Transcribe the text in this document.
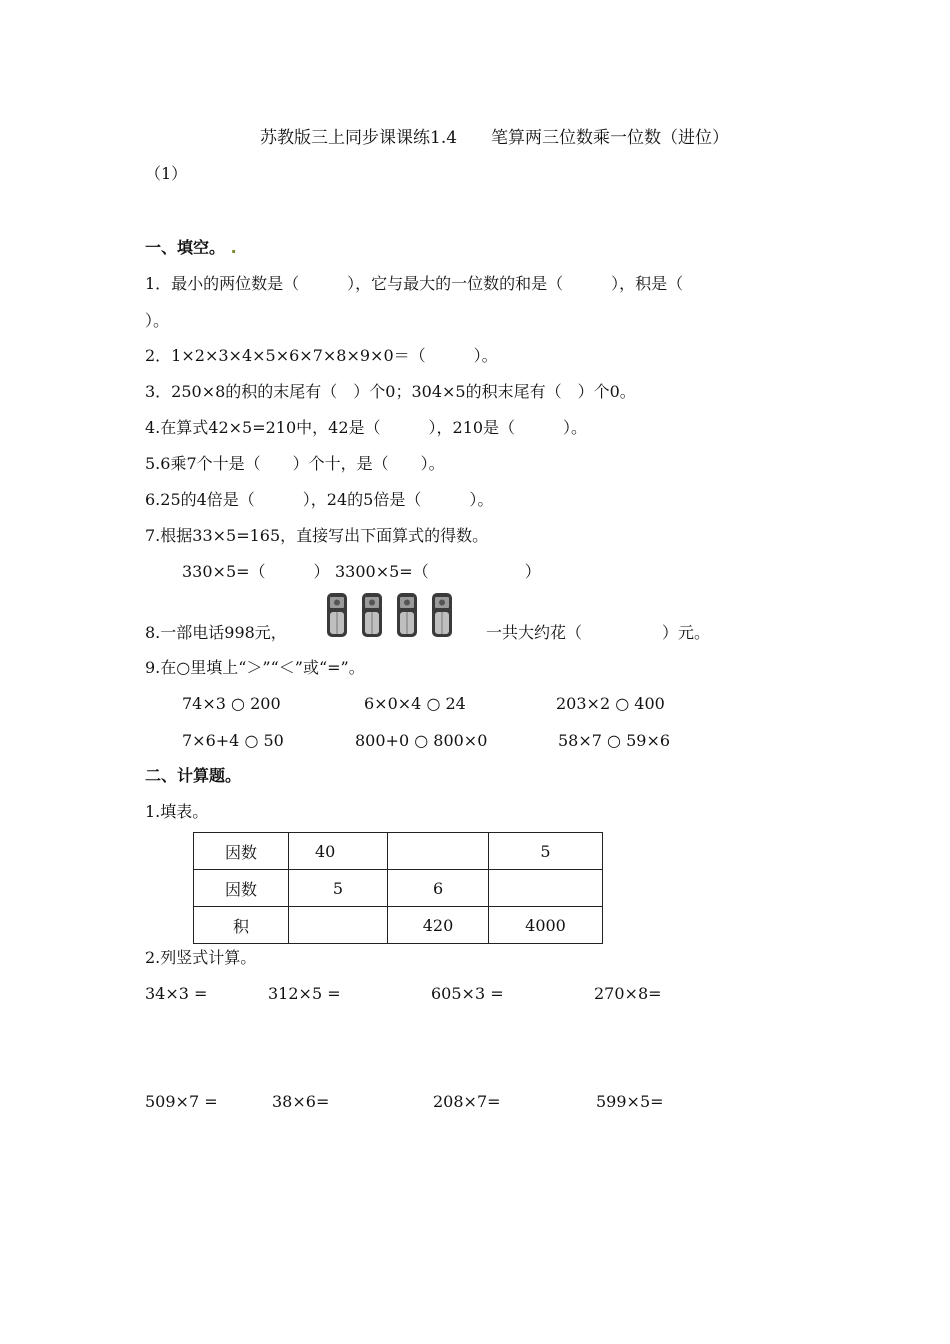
苏教版三上同步课课练1.4　　笔算两三位数乘一位数（进位）
（1）
一、填空。 .
1．最小的两位数是（　　　），它与最大的一位数的和是（　　　），积是（
）。
2．1×2×3×4×5×6×7×8×9×0＝（　　　）。
3．250×8的积的末尾有（　）个0；304×5的积末尾有（　）个0。
4.在算式42×5=210中，42是（　　　），210是（　　　）。
5.6乘7个十是（　　）个十，是（　　）。
6.25的4倍是（　　　），24的5倍是（　　　）。
7.根据33×5=165，直接写出下面算式的得数。
330×5=（　　　） 3300×5=（　　　　　　）
8.一部电话998元，	一共大约花（　　　　　）元。
9.在○里填上“＞”“＜”或“=”。
74×3 ○ 200	6×0×4 ○ 24	203×2 ○ 400
7×6+4 ○ 50	800+0 ○ 800×0	58×7 ○ 59×6
二、计算题。
1.填表。
因数	40		5
因数	5	6	
积		420	4000
2.列竖式计算。
34×3 =	312×5 =	605×3 =	270×8=
509×7 =	38×6=	208×7=	599×5=
